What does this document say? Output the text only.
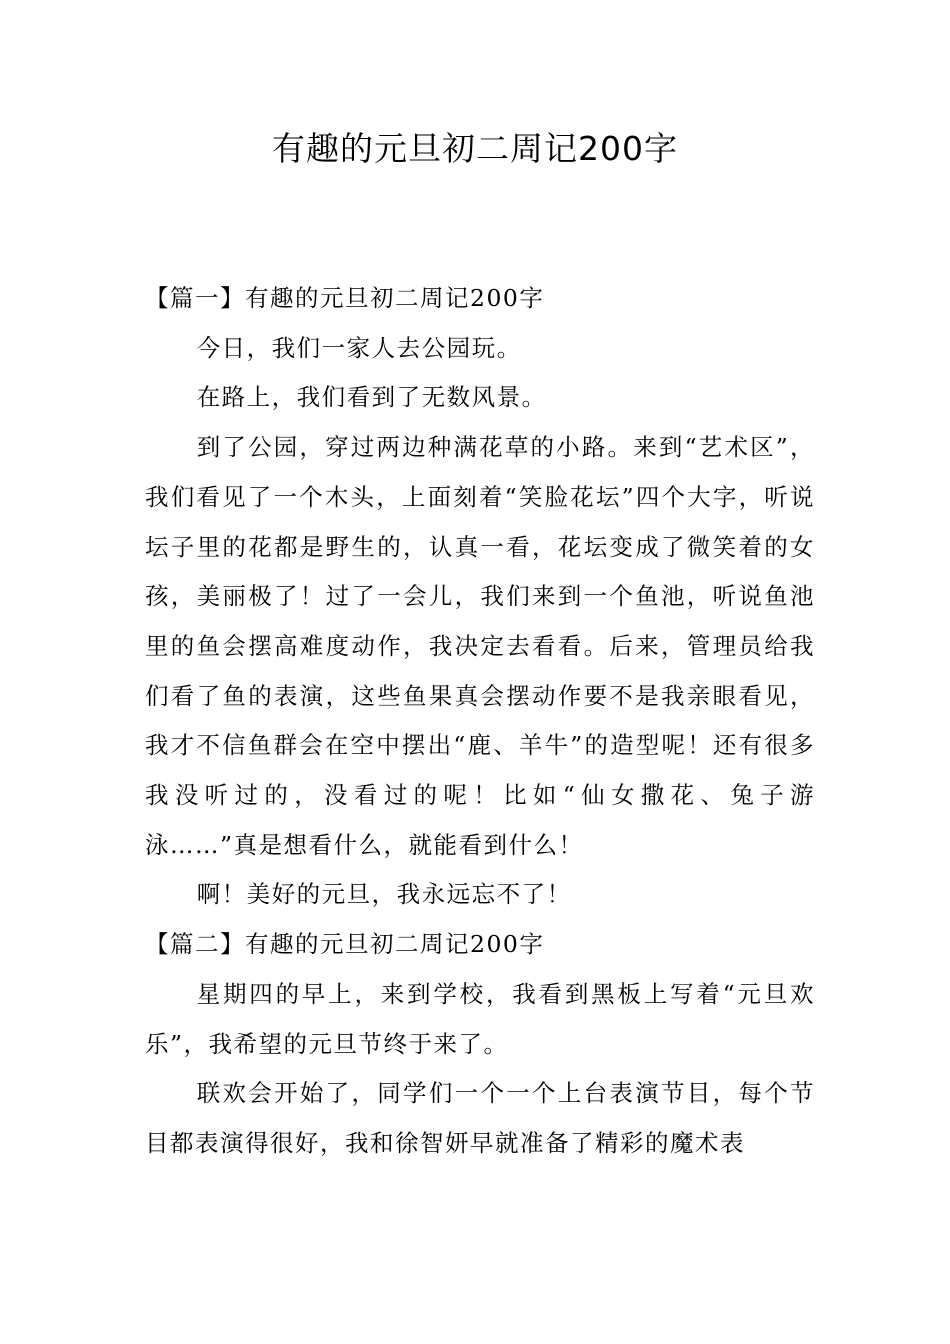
有趣的元旦初二周记200字

【篇一】有趣的元旦初二周记200字

今日，我们一家人去公园玩。

在路上，我们看到了无数风景。

到了公园，穿过两边种满花草的小路。来到“艺术区”，我们看见了一个木头，上面刻着“笑脸花坛”四个大字，听说坛子里的花都是野生的，认真一看，花坛变成了微笑着的女孩，美丽极了！过了一会儿，我们来到一个鱼池，听说鱼池里的鱼会摆高难度动作，我决定去看看。后来，管理员给我们看了鱼的表演，这些鱼果真会摆动作要不是我亲眼看见，我才不信鱼群会在空中摆出“鹿、羊牛”的造型呢！还有很多我没听过的，没看过的呢！比如“仙女撒花、兔子游泳……”真是想看什么，就能看到什么！

啊！美好的元旦，我永远忘不了！

【篇二】有趣的元旦初二周记200字

星期四的早上，来到学校，我看到黑板上写着“元旦欢乐”，我希望的元旦节终于来了。

联欢会开始了，同学们一个一个上台表演节目，每个节目都表演得很好，我和徐智妍早就准备了精彩的魔术表
